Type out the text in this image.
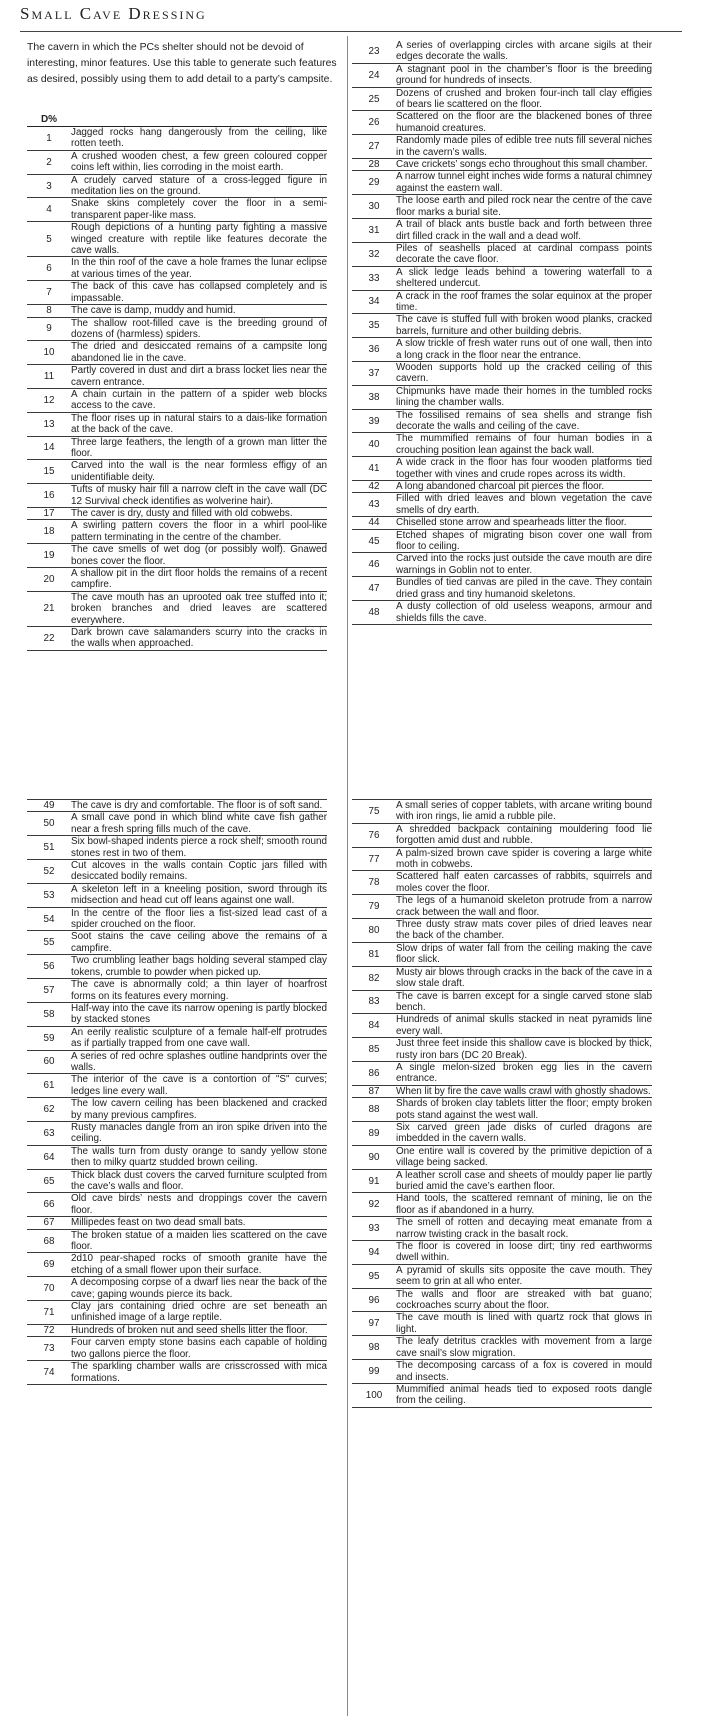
Small Cave Dressing
The cavern in which the PCs shelter should not be devoid of interesting, minor features. Use this table to generate such features as desired, possibly using them to add detail to a party’s campsite.
D%	
1	Jagged rocks hang dangerously from the ceiling, like rotten teeth.
2	A crushed wooden chest, a few green coloured copper coins left within, lies corroding in the moist earth.
3	A crudely carved stature of a cross-legged figure in meditation lies on the ground.
4	Snake skins completely cover the floor in a semi-transparent paper-like mass.
5	Rough depictions of a hunting party fighting a massive winged creature with reptile like features decorate the cave walls.
6	In the thin roof of the cave a hole frames the lunar eclipse at various times of the year.
7	The back of this cave has collapsed completely and is impassable.
8	The cave is damp, muddy and humid.
9	The shallow root-filled cave is the breeding ground of dozens of (harmless) spiders.
10	The dried and desiccated remains of a campsite long abandoned lie in the cave.
11	Partly covered in dust and dirt a brass locket lies near the cavern entrance.
12	A chain curtain in the pattern of a spider web blocks access to the cave.
13	The floor rises up in natural stairs to a dais-like formation at the back of the cave.
14	Three large feathers, the length of a grown man litter the floor.
15	Carved into the wall is the near formless effigy of an unidentifiable deity.
16	Tufts of musky hair fill a narrow cleft in the cave wall (DC 12 Survival check identifies as wolverine hair).
17	The caver is dry, dusty and filled with old cobwebs.
18	A swirling pattern covers the floor in a whirl pool-like pattern terminating in the centre of the chamber.
19	The cave smells of wet dog (or possibly wolf). Gnawed bones cover the floor.
20	A shallow pit in the dirt floor holds the remains of a recent campfire.
21	The cave mouth has an uprooted oak tree stuffed into it; broken branches and dried leaves are scattered everywhere.
22	Dark brown cave salamanders scurry into the cracks in the walls when approached.
23	A series of overlapping circles with arcane sigils at their edges decorate the walls.
24	A stagnant pool in the chamber’s floor is the breeding ground for hundreds of insects.
25	Dozens of crushed and broken four-inch tall clay effigies of bears lie scattered on the floor.
26	Scattered on the floor are the blackened bones of three humanoid creatures.
27	Randomly made piles of edible tree nuts fill several niches in the cavern’s walls.
28	Cave crickets’ songs echo throughout this small chamber.
29	A narrow tunnel eight inches wide forms a natural chimney against the eastern wall.
30	The loose earth and piled rock near the centre of the cave floor marks a burial site.
31	A trail of black ants bustle back and forth between three dirt filled crack in the wall and a dead wolf.
32	Piles of seashells placed at cardinal compass points decorate the cave floor.
33	A slick ledge leads behind a towering waterfall to a sheltered undercut.
34	A crack in the roof frames the solar equinox at the proper time.
35	The cave is stuffed full with broken wood planks, cracked barrels, furniture and other building debris.
36	A slow trickle of fresh water runs out of one wall, then into a long crack in the floor near the entrance.
37	Wooden supports hold up the cracked ceiling of this cavern.
38	Chipmunks have made their homes in the tumbled rocks lining the chamber walls.
39	The fossilised remains of sea shells and strange fish decorate the walls and ceiling of the cave.
40	The mummified remains of four human bodies in a crouching position lean against the back wall.
41	A wide crack in the floor has four wooden platforms tied together with vines and crude ropes across its width.
42	A long abandoned charcoal pit pierces the floor.
43	Filled with dried leaves and blown vegetation the cave smells of dry earth.
44	Chiselled stone arrow and spearheads litter the floor.
45	Etched shapes of migrating bison cover one wall from floor to ceiling.
46	Carved into the rocks just outside the cave mouth are dire warnings in Goblin not to enter.
47	Bundles of tied canvas are piled in the cave. They contain dried grass and tiny humanoid skeletons.
48	A dusty collection of old useless weapons, armour and shields fills the cave.

49	The cave is dry and comfortable. The floor is of soft sand.
50	A small cave pond in which blind white cave fish gather near a fresh spring fills much of the cave.
51	Six bowl-shaped indents pierce a rock shelf; smooth round stones rest in two of them.
52	Cut alcoves in the walls contain Coptic jars filled with desiccated bodily remains.
53	A skeleton left in a kneeling position, sword through its midsection and head cut off leans against one wall.
54	In the centre of the floor lies a fist-sized lead cast of a spider crouched on the floor.
55	Soot stains the cave ceiling above the remains of a campfire.
56	Two crumbling leather bags holding several stamped clay tokens, crumble to powder when picked up.
57	The cave is abnormally cold; a thin layer of hoarfrost forms on its features every morning.
58	Half-way into the cave its narrow opening is partly blocked by stacked stones
59	An eerily realistic sculpture of a female half-elf protrudes as if partially trapped from one cave wall.
60	A series of red ochre splashes outline handprints over the walls.
61	The interior of the cave is a contortion of "S" curves; ledges line every wall.
62	The low cavern ceiling has been blackened and cracked by many previous campfires.
63	Rusty manacles dangle from an iron spike driven into the ceiling.
64	The walls turn from dusty orange to sandy yellow stone then to milky quartz studded brown ceiling.
65	Thick black dust covers the carved furniture sculpted from the cave’s walls and floor.
66	Old cave birds’ nests and droppings cover the cavern floor.
67	Millipedes feast on two dead small bats.
68	The broken statue of a maiden lies scattered on the cave floor.
69	2d10 pear-shaped rocks of smooth granite have the etching of a small flower upon their surface.
70	A decomposing corpse of a dwarf lies near the back of the cave; gaping wounds pierce its back.
71	Clay jars containing dried ochre are set beneath an unfinished image of a large reptile.
72	Hundreds of broken nut and seed shells litter the floor.
73	Four carven empty stone basins each capable of holding two gallons pierce the floor.
74	The sparkling chamber walls are crisscrossed with mica formations.

75	A small series of copper tablets, with arcane writing bound with iron rings, lie amid a rubble pile.
76	A shredded backpack containing mouldering food lie forgotten amid dust and rubble.
77	A palm-sized brown cave spider is covering a large white moth in cobwebs.
78	Scattered half eaten carcasses of rabbits, squirrels and moles cover the floor.
79	The legs of a humanoid skeleton protrude from a narrow crack between the wall and floor.
80	Three dusty straw mats cover piles of dried leaves near the back of the chamber.
81	Slow drips of water fall from the ceiling making the cave floor slick.
82	Musty air blows through cracks in the back of the cave in a slow stale draft.
83	The cave is barren except for a single carved stone slab bench.
84	Hundreds of animal skulls stacked in neat pyramids line every wall.
85	Just three feet inside this shallow cave is blocked by thick, rusty iron bars (DC 20 Break).
86	A single melon-sized broken egg lies in the cavern entrance.
87	When lit by fire the cave walls crawl with ghostly shadows.
88	Shards of broken clay tablets litter the floor; empty broken pots stand against the west wall.
89	Six carved green jade disks of curled dragons are imbedded in the cavern walls.
90	One entire wall is covered by the primitive depiction of a village being sacked.
91	A leather scroll case and sheets of mouldy paper lie partly buried amid the cave’s earthen floor.
92	Hand tools, the scattered remnant of mining, lie on the floor as if abandoned in a hurry.
93	The smell of rotten and decaying meat emanate from a narrow twisting crack in the basalt rock.
94	The floor is covered in loose dirt; tiny red earthworms dwell within.
95	A pyramid of skulls sits opposite the cave mouth. They seem to grin at all who enter.
96	The walls and floor are streaked with bat guano; cockroaches scurry about the floor.
97	The cave mouth is lined with quartz rock that glows in light.
98	The leafy detritus crackles with movement from a large cave snail’s slow migration.
99	The decomposing carcass of a fox is covered in mould and insects.
100	Mummified animal heads tied to exposed roots dangle from the ceiling.
